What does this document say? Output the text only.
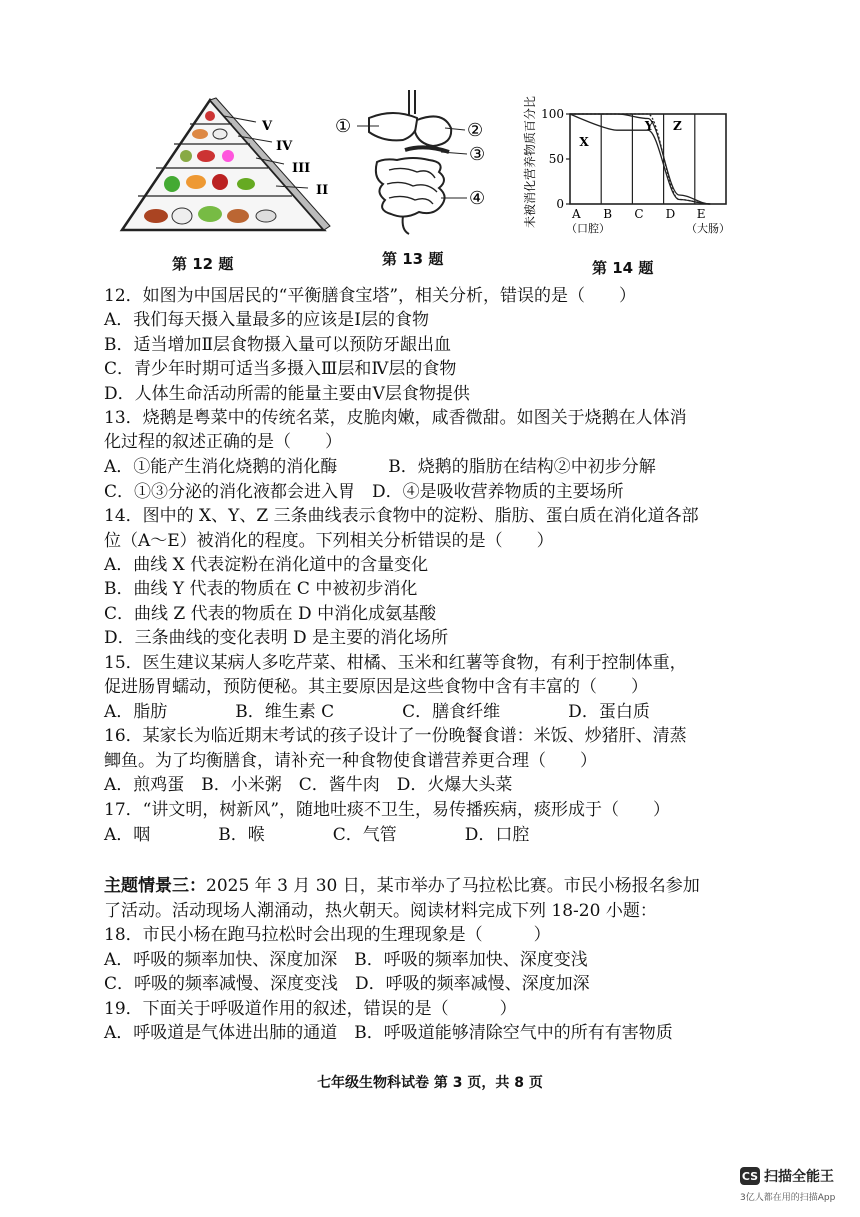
V
IV
III
II
第 12 题
①	②
③
④
第 13 题
未被消化营养物质百分比 100
50
0
A B C D E
（口腔）	（大肠）
X
Y Z
第 14 题
12．如图为中国居民的“平衡膳食宝塔”，相关分析，错误的是（　　）
A．我们每天摄入量最多的应该是Ⅰ层的食物
B．适当增加Ⅱ层食物摄入量可以预防牙龈出血
C．青少年时期可适当多摄入Ⅲ层和Ⅳ层的食物
D．人体生命活动所需的能量主要由Ⅴ层食物提供
13．烧鹅是粤菜中的传统名菜，皮脆肉嫩，咸香微甜。如图关于烧鹅在人体消
化过程的叙述正确的是（　　）
A．①能产生消化烧鹅的消化酶　　　B．烧鹅的脂肪在结构②中初步分解
C．①③分泌的消化液都会进入胃　D．④是吸收营养物质的主要场所
14．图中的 X、Y、Z 三条曲线表示食物中的淀粉、脂肪、蛋白质在消化道各部
位（A～E）被消化的程度。下列相关分析错误的是（　　）
A．曲线 X 代表淀粉在消化道中的含量变化
B．曲线 Y 代表的物质在 C 中被初步消化
C．曲线 Z 代表的物质在 D 中消化成氨基酸
D．三条曲线的变化表明 D 是主要的消化场所
15．医生建议某病人多吃芹菜、柑橘、玉米和红薯等食物，有利于控制体重，
促进肠胃蠕动，预防便秘。其主要原因是这些食物中含有丰富的（　　）
A．脂肪　　　　B．维生素 C　　　　C．膳食纤维　　　　D．蛋白质
16．某家长为临近期末考试的孩子设计了一份晚餐食谱：米饭、炒猪肝、清蒸
鲫鱼。为了均衡膳食，请补充一种食物使食谱营养更合理（　　）
A．煎鸡蛋　B．小米粥　C．酱牛肉　D．火爆大头菜
17．“讲文明，树新风”，随地吐痰不卫生，易传播疾病，痰形成于（　　）
A．咽　　　　B．喉　　　　C．气管　　　　D．口腔
主题情景三：2025 年 3 月 30 日，某市举办了马拉松比赛。市民小杨报名参加
了活动。活动现场人潮涌动，热火朝天。阅读材料完成下列 18-20 小题：
18．市民小杨在跑马拉松时会出现的生理现象是（　　　）
A．呼吸的频率加快、深度加深　B．呼吸的频率加快、深度变浅
C．呼吸的频率减慢、深度变浅　D．呼吸的频率减慢、深度加深
19．下面关于呼吸道作用的叙述，错误的是（　　　）
A．呼吸道是气体进出肺的通道　B．呼吸道能够清除空气中的所有有害物质
七年级生物科试卷 第 3 页，共 8 页
CS 扫描全能王
3亿人都在用的扫描App
